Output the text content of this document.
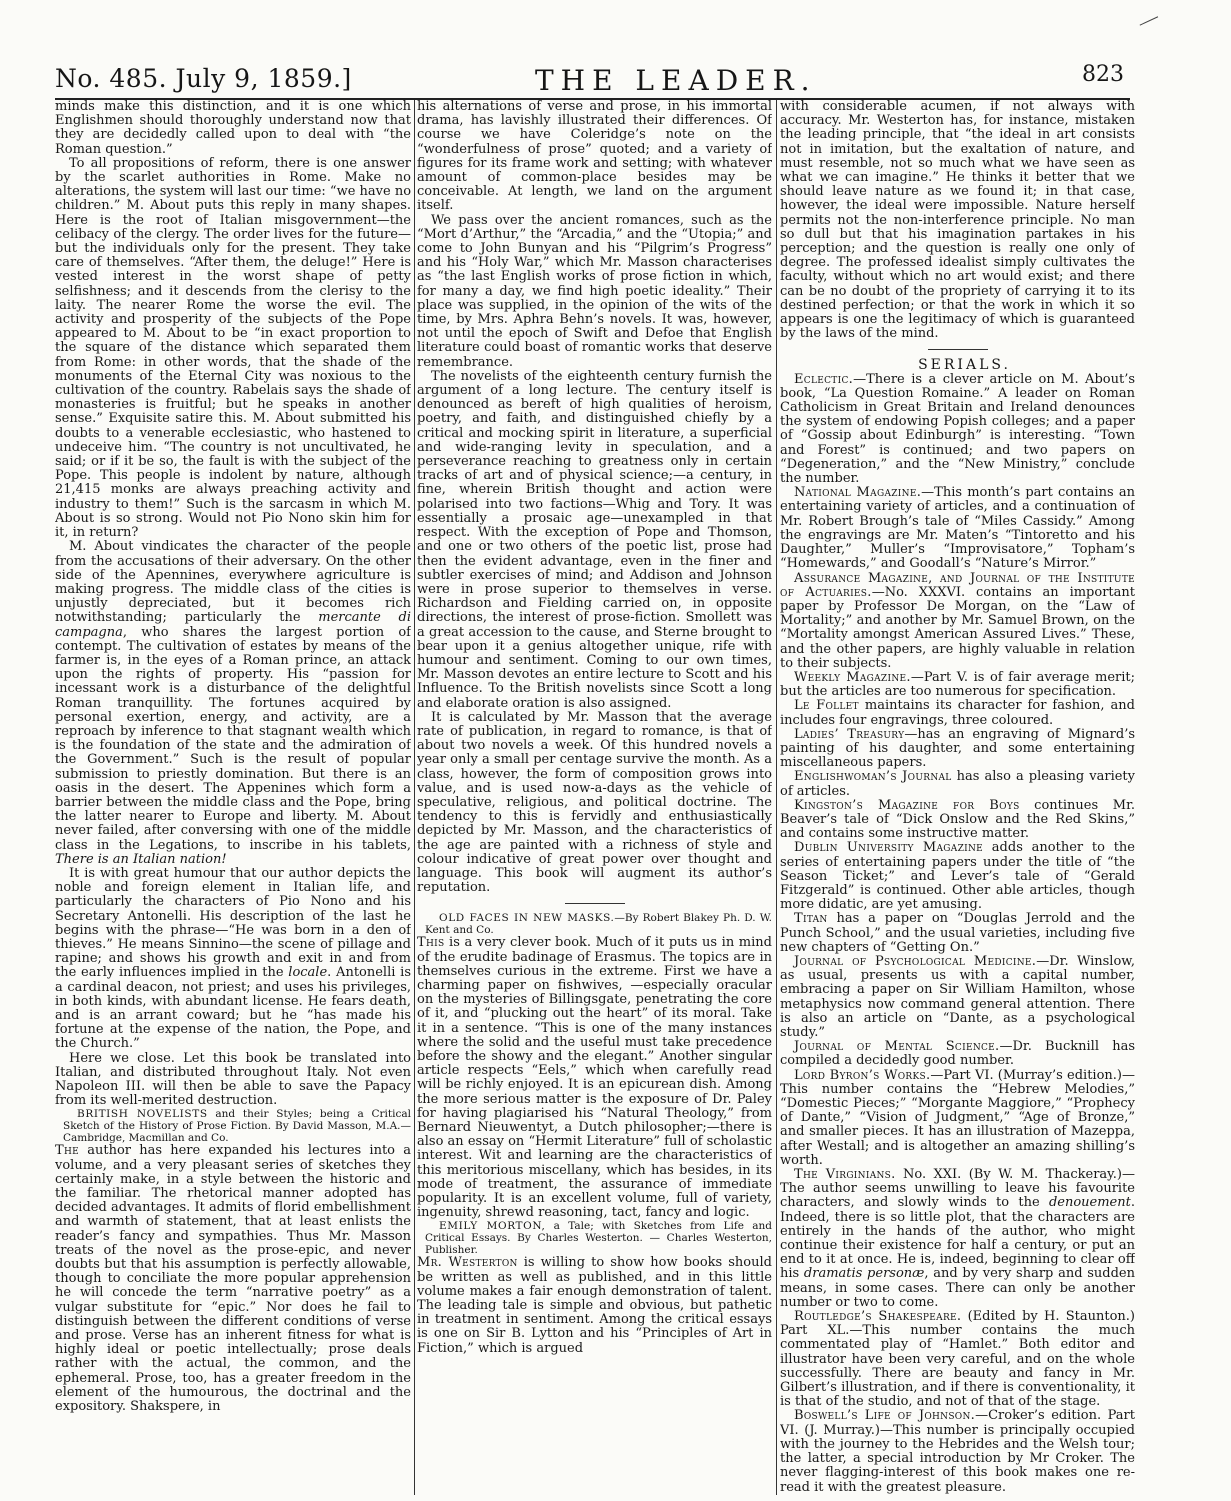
No. 485. July 9, 1859.]	THE LEADER.	823

minds make this distinction, and it is one which Englishmen should thoroughly understand now that they are decidedly called upon to deal with “the Roman question.”

To all propositions of reform, there is one answer by the scarlet authorities in Rome. Make no alterations, the system will last our time: “we have no children.” M. About puts this reply in many shapes. Here is the root of Italian misgovernment—the celibacy of the clergy. The order lives for the future—but the individuals only for the present. They take care of themselves. “After them, the deluge!” Here is vested interest in the worst shape of petty selfishness; and it descends from the clerisy to the laity. The nearer Rome the worse the evil. The activity and prosperity of the subjects of the Pope appeared to M. About to be “in exact proportion to the square of the distance which separated them from Rome: in other words, that the shade of the monuments of the Eternal City was noxious to the cultivation of the country. Rabelais says the shade of monasteries is fruitful; but he speaks in another sense.” Exquisite satire this. M. About submitted his doubts to a venerable ecclesiastic, who hastened to undeceive him. “The country is not uncultivated, he said; or if it be so, the fault is with the subject of the Pope. This people is indolent by nature, although 21,415 monks are always preaching activity and industry to them!” Such is the sarcasm in which M. About is so strong. Would not Pio Nono skin him for it, in return?

M. About vindicates the character of the people from the accusations of their adversary. On the other side of the Apennines, everywhere agriculture is making progress. The middle class of the cities is unjustly depreciated, but it becomes rich notwithstanding; particularly the mercante di campagna, who shares the largest portion of contempt. The cultivation of estates by means of the farmer is, in the eyes of a Roman prince, an attack upon the rights of property. His “passion for incessant work is a disturbance of the delightful Roman tranquillity. The fortunes acquired by personal exertion, energy, and activity, are a reproach by inference to that stagnant wealth which is the foundation of the state and the admiration of the Government.” Such is the result of popular submission to priestly domination. But there is an oasis in the desert. The Appenines which form a barrier between the middle class and the Pope, bring the latter nearer to Europe and liberty. M. About never failed, after conversing with one of the middle class in the Legations, to inscribe in his tablets, There is an Italian nation!

It is with great humour that our author depicts the noble and foreign element in Italian life, and particularly the characters of Pio Nono and his Secretary Antonelli. His description of the last he begins with the phrase—“He was born in a den of thieves.” He means Sinnino—the scene of pillage and rapine; and shows his growth and exit in and from the early influences implied in the locale. Antonelli is a cardinal deacon, not priest; and uses his privileges, in both kinds, with abundant license. He fears death, and is an arrant coward; but he “has made his fortune at the expense of the nation, the Pope, and the Church.”

Here we close. Let this book be translated into Italian, and distributed throughout Italy. Not even Napoleon III. will then be able to save the Papacy from its well-merited destruction.

BRITISH NOVELISTS and their Styles; being a Critical Sketch of the History of Prose Fiction. By David Masson, M.A.—Cambridge, Macmillan and Co.

The author has here expanded his lectures into a volume, and a very pleasant series of sketches they certainly make, in a style between the historic and the familiar. The rhetorical manner adopted has decided advantages. It admits of florid embellishment and warmth of statement, that at least enlists the reader’s fancy and sympathies. Thus Mr. Masson treats of the novel as the prose-epic, and never doubts but that his assumption is perfectly allowable, though to conciliate the more popular apprehension he will concede the term “narrative poetry” as a vulgar substitute for “epic.” Nor does he fail to distinguish between the different conditions of verse and prose. Verse has an inherent fitness for what is highly ideal or poetic intellectually; prose deals rather with the actual, the common, and the ephemeral. Prose, too, has a greater freedom in the element of the humourous, the doctrinal and the expository. Shakspere, in

his alternations of verse and prose, in his immortal drama, has lavishly illustrated their differences. Of course we have Coleridge’s note on the “wonderfulness of prose” quoted; and a variety of figures for its frame work and setting; with whatever amount of common-place besides may be conceivable. At length, we land on the argument itself.

We pass over the ancient romances, such as the “Mort d’Arthur,” the “Arcadia,” and the “Utopia;” and come to John Bunyan and his “Pilgrim’s Progress” and his “Holy War,” which Mr. Masson characterises as “the last English works of prose fiction in which, for many a day, we find high poetic ideality.” Their place was supplied, in the opinion of the wits of the time, by Mrs. Aphra Behn’s novels. It was, however, not until the epoch of Swift and Defoe that English literature could boast of romantic works that deserve remembrance.

The novelists of the eighteenth century furnish the argument of a long lecture. The century itself is denounced as bereft of high qualities of heroism, poetry, and faith, and distinguished chiefly by a critical and mocking spirit in literature, a superficial and wide-ranging levity in speculation, and a perseverance reaching to greatness only in certain tracks of art and of physical science;—a century, in fine, wherein British thought and action were polarised into two factions—Whig and Tory. It was essentially a prosaic age—unexampled in that respect. With the exception of Pope and Thomson, and one or two others of the poetic list, prose had then the evident advantage, even in the finer and subtler exercises of mind; and Addison and Johnson were in prose superior to themselves in verse. Richardson and Fielding carried on, in opposite directions, the interest of prose-fiction. Smollett was a great accession to the cause, and Sterne brought to bear upon it a genius altogether unique, rife with humour and sentiment. Coming to our own times, Mr. Masson devotes an entire lecture to Scott and his Influence. To the British novelists since Scott a long and elaborate oration is also assigned.

It is calculated by Mr. Masson that the average rate of publication, in regard to romance, is that of about two novels a week. Of this hundred novels a year only a small per centage survive the month. As a class, however, the form of composition grows into value, and is used now-a-days as the vehicle of speculative, religious, and political doctrine. The tendency to this is fervidly and enthusiastically depicted by Mr. Masson, and the characteristics of the age are painted with a richness of style and colour indicative of great power over thought and language. This book will augment its author’s reputation.

OLD FACES IN NEW MASKS.—By Robert Blakey Ph. D. W. Kent and Co.

This is a very clever book. Much of it puts us in mind of the erudite badinage of Erasmus. The topics are in themselves curious in the extreme. First we have a charming paper on fishwives, —especially oracular on the mysteries of Billingsgate, penetrating the core of it, and “plucking out the heart” of its moral. Take it in a sentence. “This is one of the many instances where the solid and the useful must take precedence before the showy and the elegant.” Another singular article respects “Eels,” which when carefully read will be richly enjoyed. It is an epicurean dish. Among the more serious matter is the exposure of Dr. Paley for having plagiarised his “Natural Theology,” from Bernard Nieuwentyt, a Dutch philosopher;—there is also an essay on “Hermit Literature” full of scholastic interest. Wit and learning are the characteristics of this meritorious miscellany, which has besides, in its mode of treatment, the assurance of immediate popularity. It is an excellent volume, full of variety, ingenuity, shrewd reasoning, tact, fancy and logic.

EMILY MORTON, a Tale; with Sketches from Life and Critical Essays. By Charles Westerton. — Charles Westerton, Publisher.

Mr. Westerton is willing to show how books should be written as well as published, and in this little volume makes a fair enough demonstration of talent. The leading tale is simple and obvious, but pathetic in treatment in sentiment. Among the critical essays is one on Sir B. Lytton and his “Principles of Art in Fiction,” which is argued

with considerable acumen, if not always with accuracy. Mr. Westerton has, for instance, mistaken the leading principle, that “the ideal in art consists not in imitation, but the exaltation of nature, and must resemble, not so much what we have seen as what we can imagine.” He thinks it better that we should leave nature as we found it; in that case, however, the ideal were impossible. Nature herself permits not the non-interference principle. No man so dull but that his imagination partakes in his perception; and the question is really one only of degree. The professed idealist simply cultivates the faculty, without which no art would exist; and there can be no doubt of the propriety of carrying it to its destined perfection; or that the work in which it so appears is one the legitimacy of which is guaranteed by the laws of the mind.

SERIALS.

Eclectic.—There is a clever article on M. About’s book, “La Question Romaine.” A leader on Roman Catholicism in Great Britain and Ireland denounces the system of endowing Popish colleges; and a paper of “Gossip about Edinburgh” is interesting. “Town and Forest” is continued; and two papers on “Degeneration,” and the “New Ministry,” conclude the number.

National Magazine.—This month’s part contains an entertaining variety of articles, and a continuation of Mr. Robert Brough’s tale of “Miles Cassidy.” Among the engravings are Mr. Maten’s “Tintoretto and his Daughter,” Muller’s “Improvisatore,” Topham’s “Homewards,” and Goodall’s “Nature’s Mirror.”

Assurance Magazine, and Journal of the Institute of Actuaries.—No. XXXVI. contains an important paper by Professor De Morgan, on the “Law of Mortality;” and another by Mr. Samuel Brown, on the “Mortality amongst American Assured Lives.” These, and the other papers, are highly valuable in relation to their subjects.

Weekly Magazine.—Part V. is of fair average merit; but the articles are too numerous for specification.

Le Follet maintains its character for fashion, and includes four engravings, three coloured.

Ladies’ Treasury—has an engraving of Mignard’s painting of his daughter, and some entertaining miscellaneous papers.

Englishwoman’s Journal has also a pleasing variety of articles.

Kingston’s Magazine for Boys continues Mr. Beaver’s tale of “Dick Onslow and the Red Skins,” and contains some instructive matter.

Dublin University Magazine adds another to the series of entertaining papers under the title of “the Season Ticket;” and Lever’s tale of “Gerald Fitzgerald” is continued. Other able articles, though more didatic, are yet amusing.

Titan has a paper on “Douglas Jerrold and the Punch School,” and the usual varieties, including five new chapters of “Getting On.”

Journal of Psychological Medicine.—Dr. Winslow, as usual, presents us with a capital number, embracing a paper on Sir William Hamilton, whose metaphysics now command general attention. There is also an article on “Dante, as a psychological study.”

Journal of Mental Science.—Dr. Bucknill has compiled a decidedly good number.

Lord Byron’s Works.—Part VI. (Murray’s edition.)—This number contains the “Hebrew Melodies,” “Domestic Pieces;” “Morgante Maggiore,” “Prophecy of Dante,” “Vision of Judgment,” “Age of Bronze,” and smaller pieces. It has an illustration of Mazeppa, after Westall; and is altogether an amazing shilling’s worth.

The Virginians. No. XXI. (By W. M. Thackeray.)—The author seems unwilling to leave his favourite characters, and slowly winds to the denouement. Indeed, there is so little plot, that the characters are entirely in the hands of the author, who might continue their existence for half a century, or put an end to it at once. He is, indeed, beginning to clear off his dramatis personæ, and by very sharp and sudden means, in some cases. There can only be another number or two to come.

Routledge’s Shakespeare. (Edited by H. Staunton.) Part XL.—This number contains the much commentated play of “Hamlet.” Both editor and illustrator have been very careful, and on the whole successfully. There are beauty and fancy in Mr. Gilbert’s illustration, and if there is conventionality, it is that of the studio, and not of that of the stage.

Boswell’s Life of Johnson.—Croker’s edition. Part VI. (J. Murray.)—This number is principally occupied with the journey to the Hebrides and the Welsh tour; the latter, a special introduction by Mr Croker. The never flagging-interest of this book makes one re-read it with the greatest pleasure.
